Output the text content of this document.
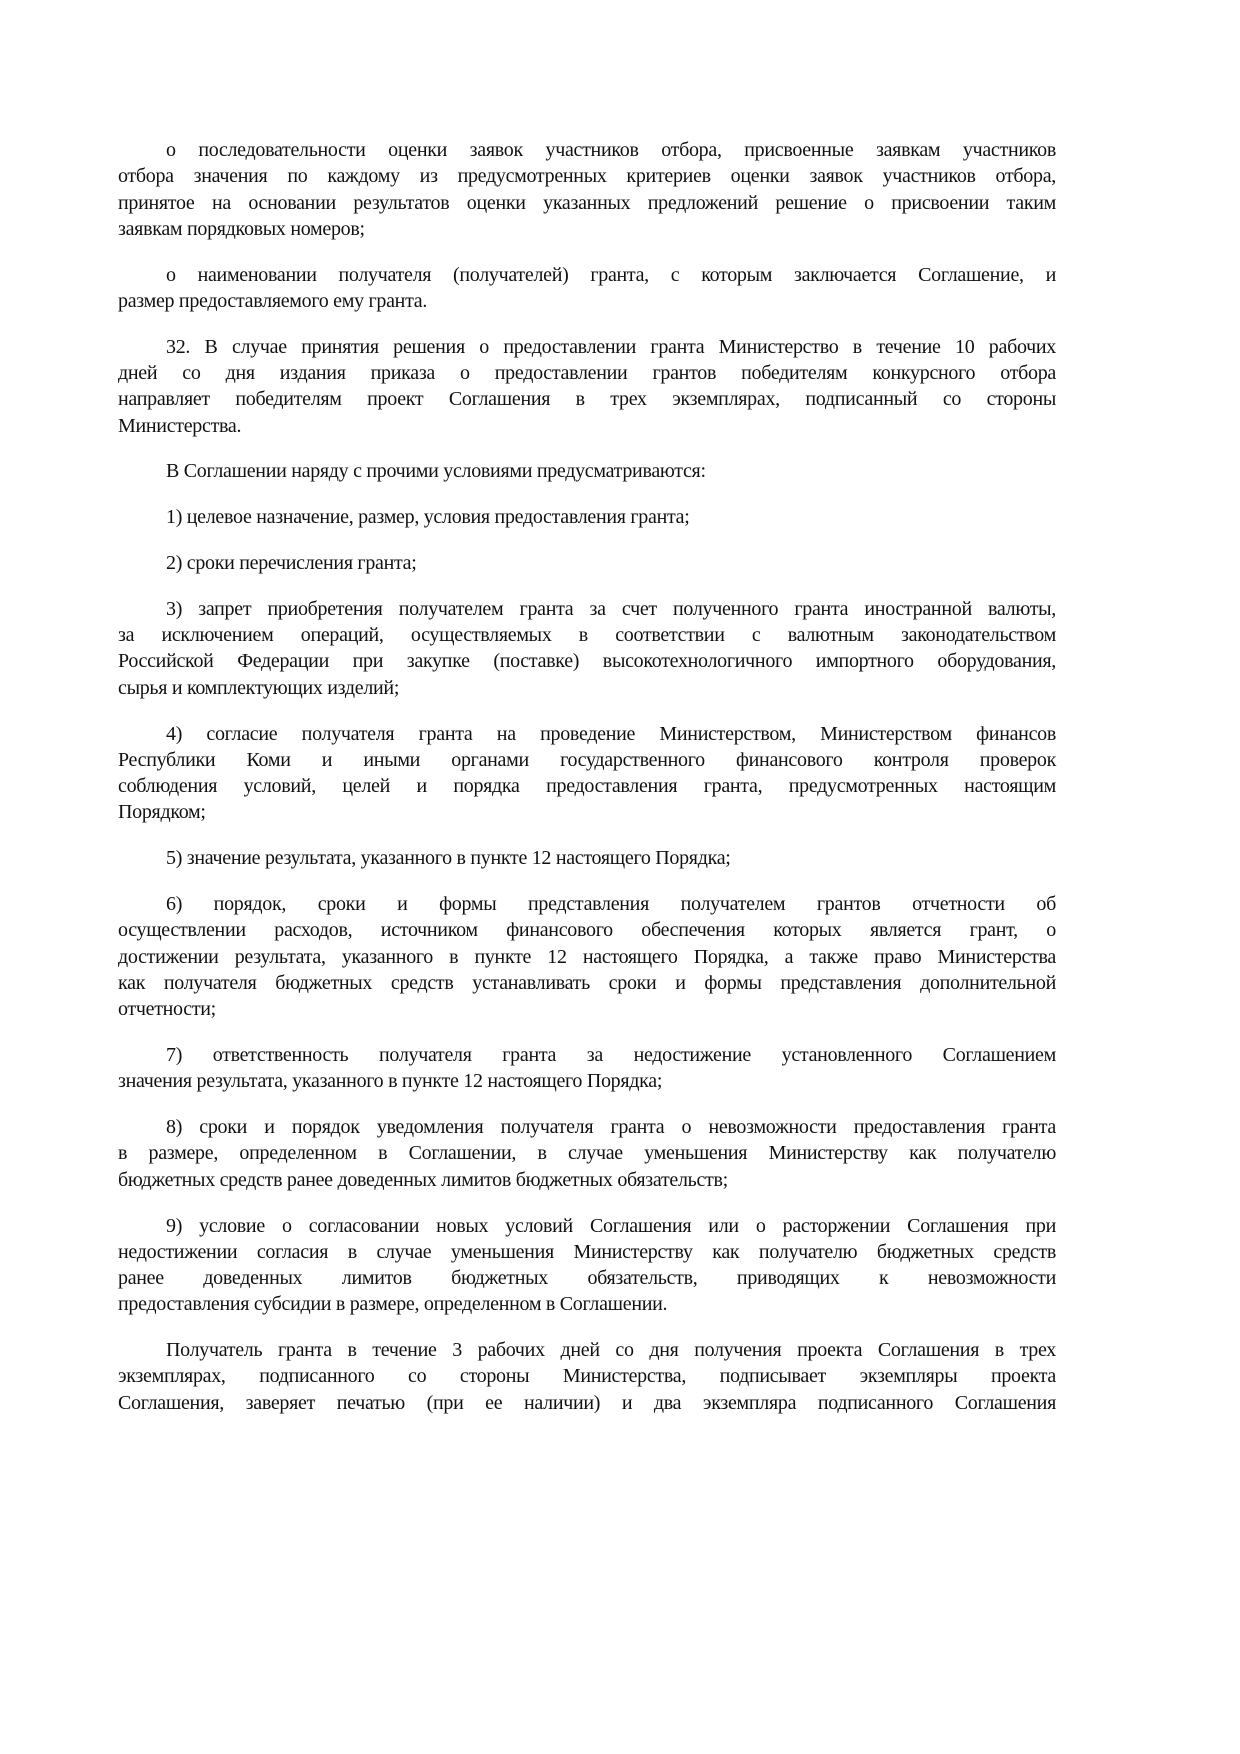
о последовательности оценки заявок участников отбора, присвоенные заявкам участников
отбора значения по каждому из предусмотренных критериев оценки заявок участников отбора,
принятое на основании результатов оценки указанных предложений решение о присвоении таким
заявкам порядковых номеров;
о наименовании получателя (получателей) гранта, с которым заключается Соглашение, и
размер предоставляемого ему гранта.
32. В случае принятия решения о предоставлении гранта Министерство в течение 10 рабочих
дней со дня издания приказа о предоставлении грантов победителям конкурсного отбора
направляет победителям проект Соглашения в трех экземплярах, подписанный со стороны
Министерства.
В Соглашении наряду с прочими условиями предусматриваются:
1) целевое назначение, размер, условия предоставления гранта;
2) сроки перечисления гранта;
3) запрет приобретения получателем гранта за счет полученного гранта иностранной валюты,
за исключением операций, осуществляемых в соответствии с валютным законодательством
Российской Федерации при закупке (поставке) высокотехнологичного импортного оборудования,
сырья и комплектующих изделий;
4) согласие получателя гранта на проведение Министерством, Министерством финансов
Республики Коми и иными органами государственного финансового контроля проверок
соблюдения условий, целей и порядка предоставления гранта, предусмотренных настоящим
Порядком;
5) значение результата, указанного в пункте 12 настоящего Порядка;
6) порядок, сроки и формы представления получателем грантов отчетности об
осуществлении расходов, источником финансового обеспечения которых является грант, о
достижении результата, указанного в пункте 12 настоящего Порядка, а также право Министерства
как получателя бюджетных средств устанавливать сроки и формы представления дополнительной
отчетности;
7) ответственность получателя гранта за недостижение установленного Соглашением
значения результата, указанного в пункте 12 настоящего Порядка;
8) сроки и порядок уведомления получателя гранта о невозможности предоставления гранта
в размере, определенном в Соглашении, в случае уменьшения Министерству как получателю
бюджетных средств ранее доведенных лимитов бюджетных обязательств;
9) условие о согласовании новых условий Соглашения или о расторжении Соглашения при
недостижении согласия в случае уменьшения Министерству как получателю бюджетных средств
ранее доведенных лимитов бюджетных обязательств, приводящих к невозможности
предоставления субсидии в размере, определенном в Соглашении.
Получатель гранта в течение 3 рабочих дней со дня получения проекта Соглашения в трех
экземплярах, подписанного со стороны Министерства, подписывает экземпляры проекта
Соглашения, заверяет печатью (при ее наличии) и два экземпляра подписанного Соглашения
